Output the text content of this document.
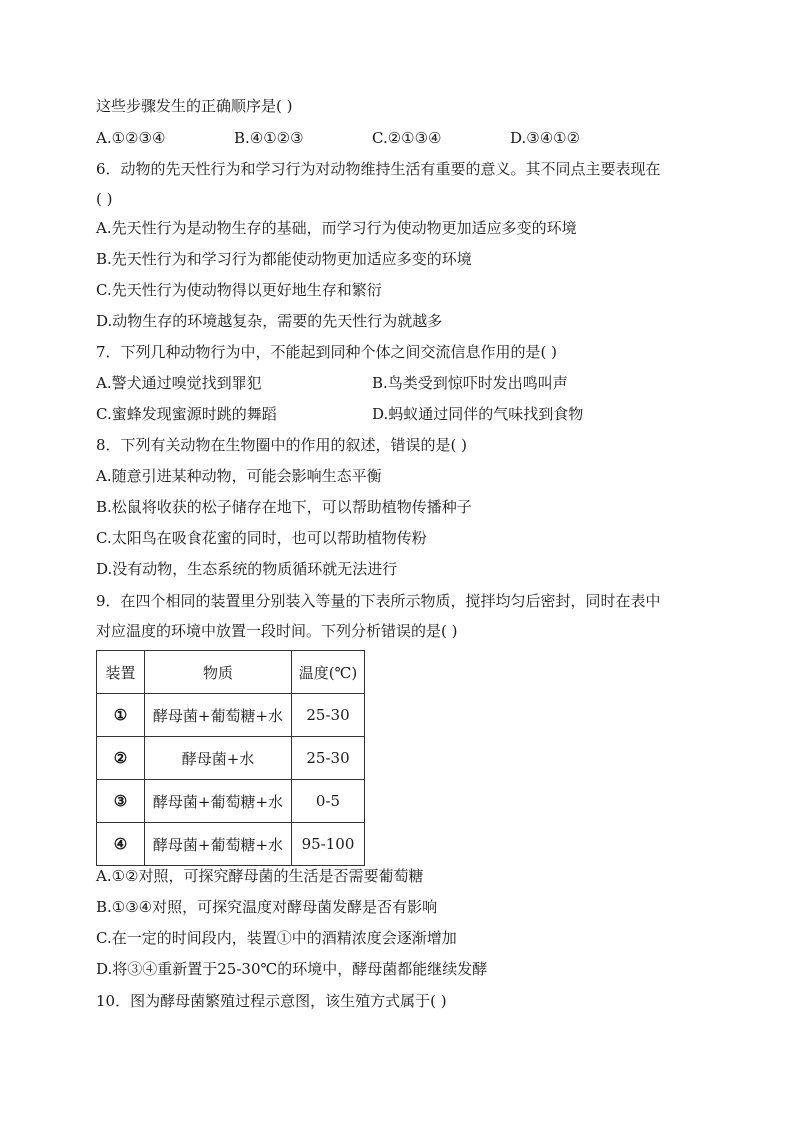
这些步骤发生的正确顺序是( )
A.①②③④	B.④①②③	C.②①③④	D.③④①②
6．动物的先天性行为和学习行为对动物维持生活有重要的意义。其不同点主要表现在
( )
A.先天性行为是动物生存的基础，而学习行为使动物更加适应多变的环境
B.先天性行为和学习行为都能使动物更加适应多变的环境
C.先天性行为使动物得以更好地生存和繁衍
D.动物生存的环境越复杂，需要的先天性行为就越多
7．下列几种动物行为中，不能起到同种个体之间交流信息作用的是( )
A.警犬通过嗅觉找到罪犯	B.鸟类受到惊吓时发出鸣叫声
C.蜜蜂发现蜜源时跳的舞蹈	D.蚂蚁通过同伴的气味找到食物
8．下列有关动物在生物圈中的作用的叙述，错误的是( )
A.随意引进某种动物，可能会影响生态平衡
B.松鼠将收获的松子储存在地下，可以帮助植物传播种子
C.太阳鸟在吸食花蜜的同时，也可以帮助植物传粉
D.没有动物，生态系统的物质循环就无法进行
9．在四个相同的装置里分别装入等量的下表所示物质，搅拌均匀后密封，同时在表中
对应温度的环境中放置一段时间。下列分析错误的是( )
装置	物质	温度(℃)
①	酵母菌+葡萄糖+水	25-30
②	酵母菌+水	25-30
③	酵母菌+葡萄糖+水	0-5
④	酵母菌+葡萄糖+水	95-100
A.①②对照，可探究酵母菌的生活是否需要葡萄糖
B.①③④对照，可探究温度对酵母菌发酵是否有影响
C.在一定的时间段内，装置①中的酒精浓度会逐渐增加
D.将③④重新置于25-30℃的环境中，酵母菌都能继续发酵
10．图为酵母菌繁殖过程示意图，该生殖方式属于( )
